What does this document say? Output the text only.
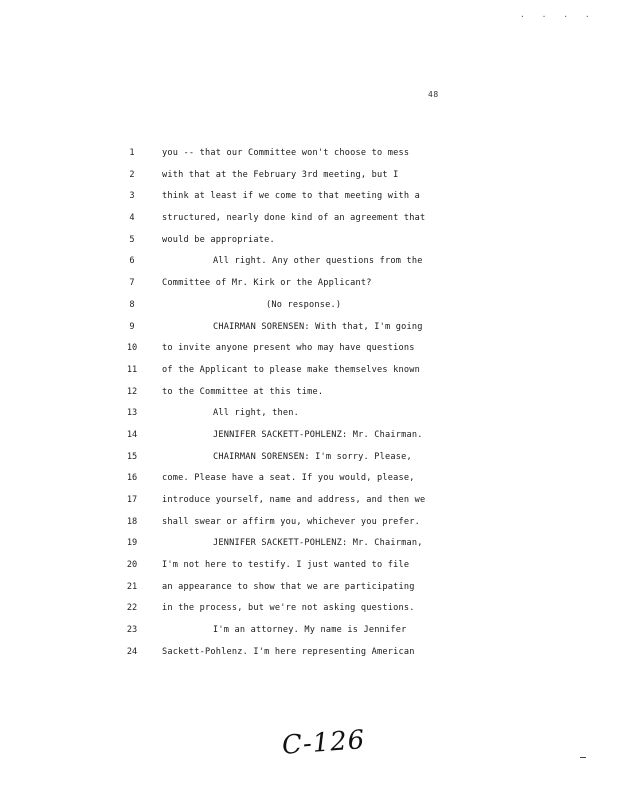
· · · ·
48
1	you -- that our Committee won't choose to mess
2	with that at the February 3rd meeting, but I
3	think at least if we come to that meeting with a
4	structured, nearly done kind of an agreement that
5	would be appropriate.
6	All right. Any other questions from the
7	Committee of Mr. Kirk or the Applicant?
8	(No response.)
9	CHAIRMAN SORENSEN: With that, I'm going
10	to invite anyone present who may have questions
11	of the Applicant to please make themselves known
12	to the Committee at this time.
13	All right, then.
14	JENNIFER SACKETT-POHLENZ: Mr. Chairman.
15	CHAIRMAN SORENSEN: I'm sorry. Please,
16	come. Please have a seat. If you would, please,
17	introduce yourself, name and address, and then we
18	shall swear or affirm you, whichever you prefer.
19	JENNIFER SACKETT-POHLENZ: Mr. Chairman,
20	I'm not here to testify. I just wanted to file
21	an appearance to show that we are participating
22	in the process, but we're not asking questions.
23	I'm an attorney. My name is Jennifer
24	Sackett-Pohlenz. I'm here representing American
C-126
